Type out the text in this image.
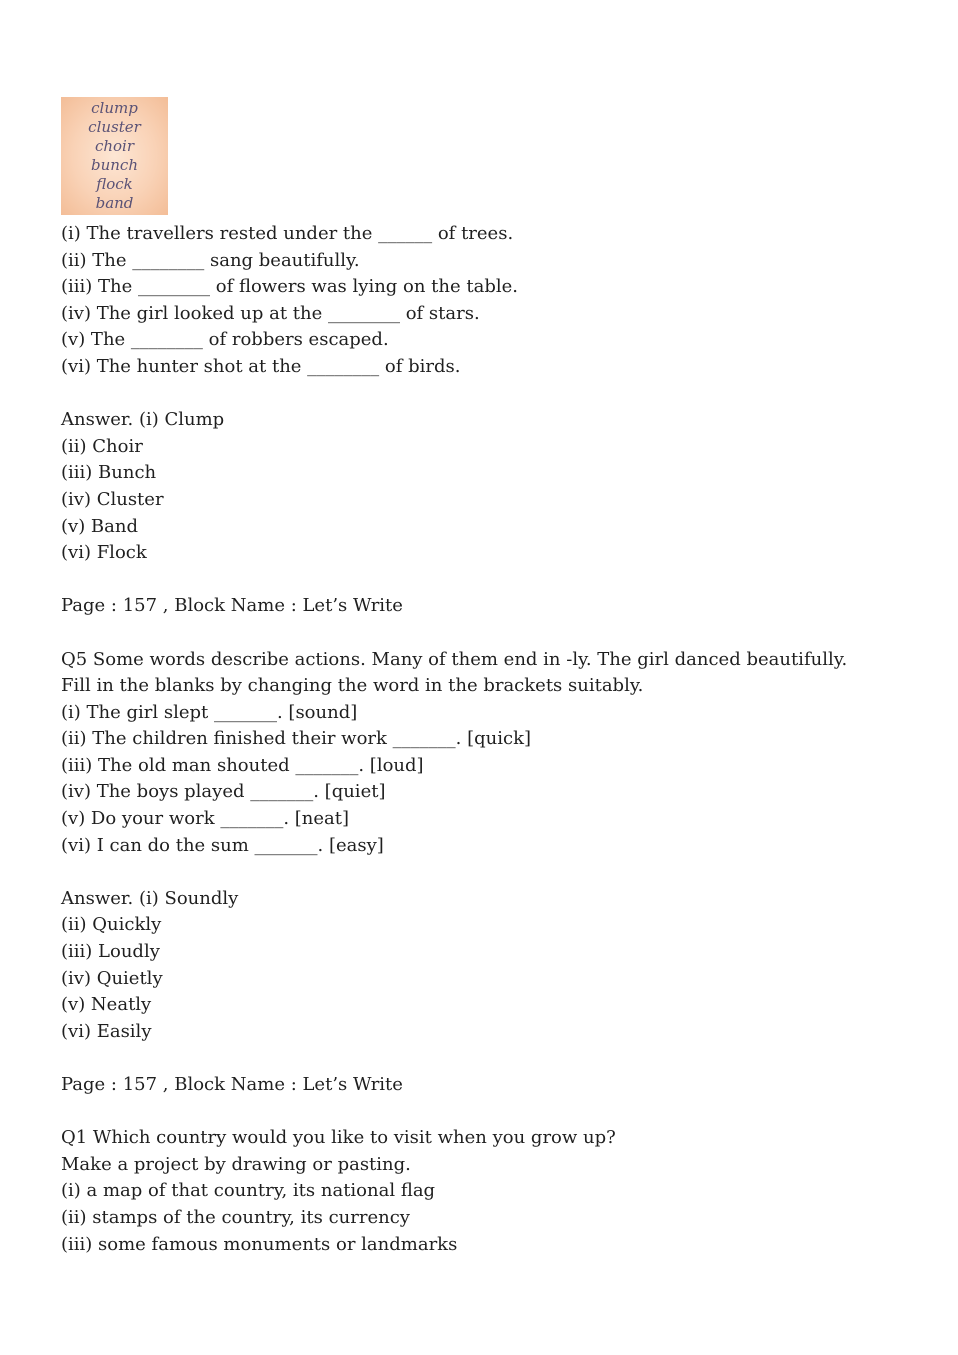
clump
cluster
choir
bunch
flock
band

(i) The travellers rested under the ______ of trees.

(ii) The ________ sang beautifully.

(iii) The ________ of flowers was lying on the table.

(iv) The girl looked up at the ________ of stars.

(v) The ________ of robbers escaped.

(vi) The hunter shot at the ________ of birds.

Answer. (i) Clump

(ii) Choir

(iii) Bunch

(iv) Cluster

(v) Band

(vi) Flock

Page : 157 , Block Name : Let’s Write

Q5 Some words describe actions. Many of them end in -ly. The girl danced beautifully.

Fill in the blanks by changing the word in the brackets suitably.

(i) The girl slept _______. [sound]

(ii) The children finished their work _______. [quick]

(iii) The old man shouted _______. [loud]

(iv) The boys played _______. [quiet]

(v) Do your work _______. [neat]

(vi) I can do the sum _______. [easy]

Answer. (i) Soundly

(ii) Quickly

(iii) Loudly

(iv) Quietly

(v) Neatly

(vi) Easily

Page : 157 , Block Name : Let’s Write

Q1 Which country would you like to visit when you grow up?

Make a project by drawing or pasting.

(i) a map of that country, its national flag

(ii) stamps of the country, its currency

(iii) some famous monuments or landmarks
